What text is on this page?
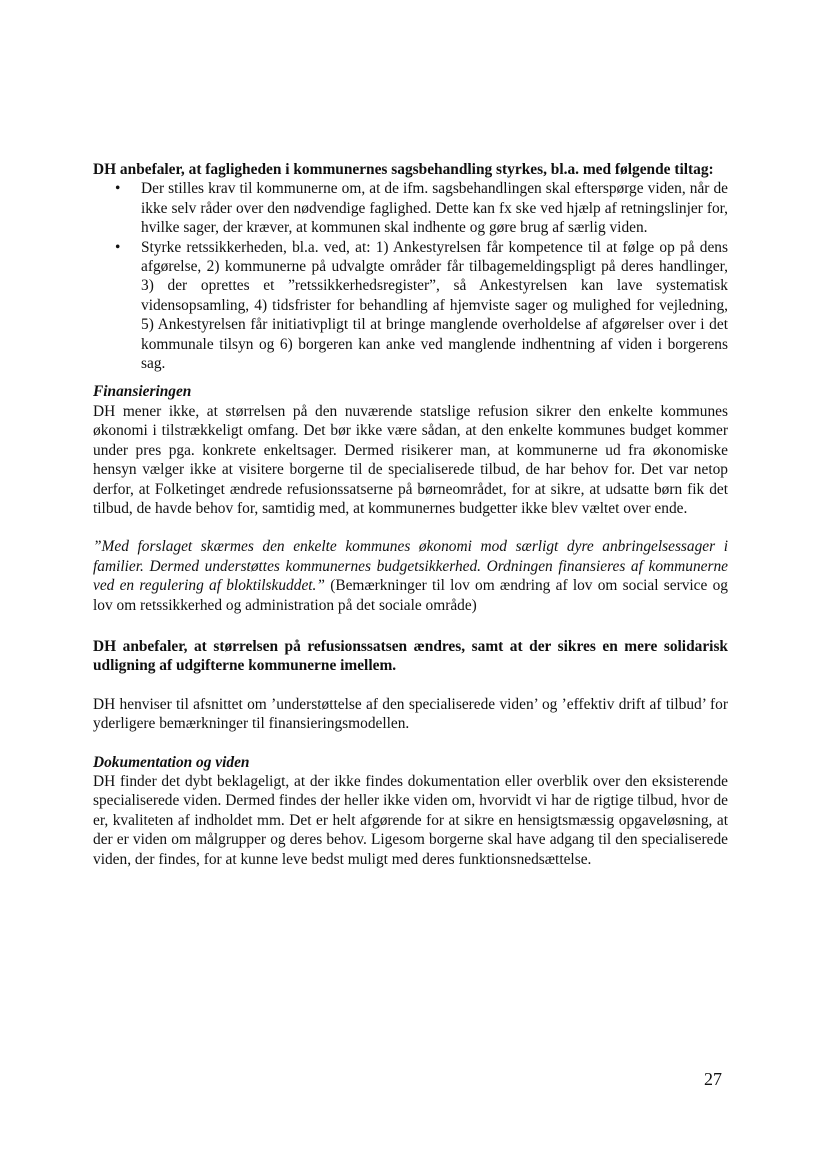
DH anbefaler, at fagligheden i kommunernes sagsbehandling styrkes, bl.a. med følgende tiltag:

• Der stilles krav til kommunerne om, at de ifm. sagsbehandlingen skal efterspørge viden, når de ikke selv råder over den nødvendige faglighed. Dette kan fx ske ved hjælp af retningslinjer for, hvilke sager, der kræver, at kommunen skal indhente og gøre brug af særlig viden.
• Styrke retssikkerheden, bl.a. ved, at: 1) Ankestyrelsen får kompetence til at følge op på dens afgørelse, 2) kommunerne på udvalgte områder får tilbagemeldingspligt på deres handlinger, 3) der oprettes et ”retssikkerhedsregister”, så Ankestyrelsen kan lave systematisk vidensopsamling, 4) tidsfrister for behandling af hjemviste sager og mulighed for vejledning, 5) Ankestyrelsen får initiativpligt til at bringe manglende overholdelse af afgørelser over i det kommunale tilsyn og 6) borgeren kan anke ved manglende indhentning af viden i borgerens sag.

Finansieringen

DH mener ikke, at størrelsen på den nuværende statslige refusion sikrer den enkelte kommunes økonomi i tilstrækkeligt omfang. Det bør ikke være sådan, at den enkelte kommunes budget kommer under pres pga. konkrete enkeltsager. Dermed risikerer man, at kommunerne ud fra økonomiske hensyn vælger ikke at visitere borgerne til de specialiserede tilbud, de har behov for. Det var netop derfor, at Folketinget ændrede refusionssatserne på børneområdet, for at sikre, at udsatte børn fik det tilbud, de havde behov for, samtidig med, at kommunernes budgetter ikke blev væltet over ende.

”Med forslaget skærmes den enkelte kommunes økonomi mod særligt dyre anbringelsessager i familier. Dermed understøttes kommunernes budgetsikkerhed. Ordningen finansieres af kommunerne ved en regulering af bloktilskuddet.” (Bemærkninger til lov om ændring af lov om social service og lov om retssikkerhed og administration på det sociale område)

DH anbefaler, at størrelsen på refusionssatsen ændres, samt at der sikres en mere solidarisk udligning af udgifterne kommunerne imellem.

DH henviser til afsnittet om ’understøttelse af den specialiserede viden’ og ’effektiv drift af tilbud’ for yderligere bemærkninger til finansieringsmodellen.

Dokumentation og viden

DH finder det dybt beklageligt, at der ikke findes dokumentation eller overblik over den eksisterende specialiserede viden. Dermed findes der heller ikke viden om, hvorvidt vi har de rigtige tilbud, hvor de er, kvaliteten af indholdet mm. Det er helt afgørende for at sikre en hensigtsmæssig opgaveløsning, at der er viden om målgrupper og deres behov. Ligesom borgerne skal have adgang til den specialiserede viden, der findes, for at kunne leve bedst muligt med deres funktionsnedsættelse.

27
